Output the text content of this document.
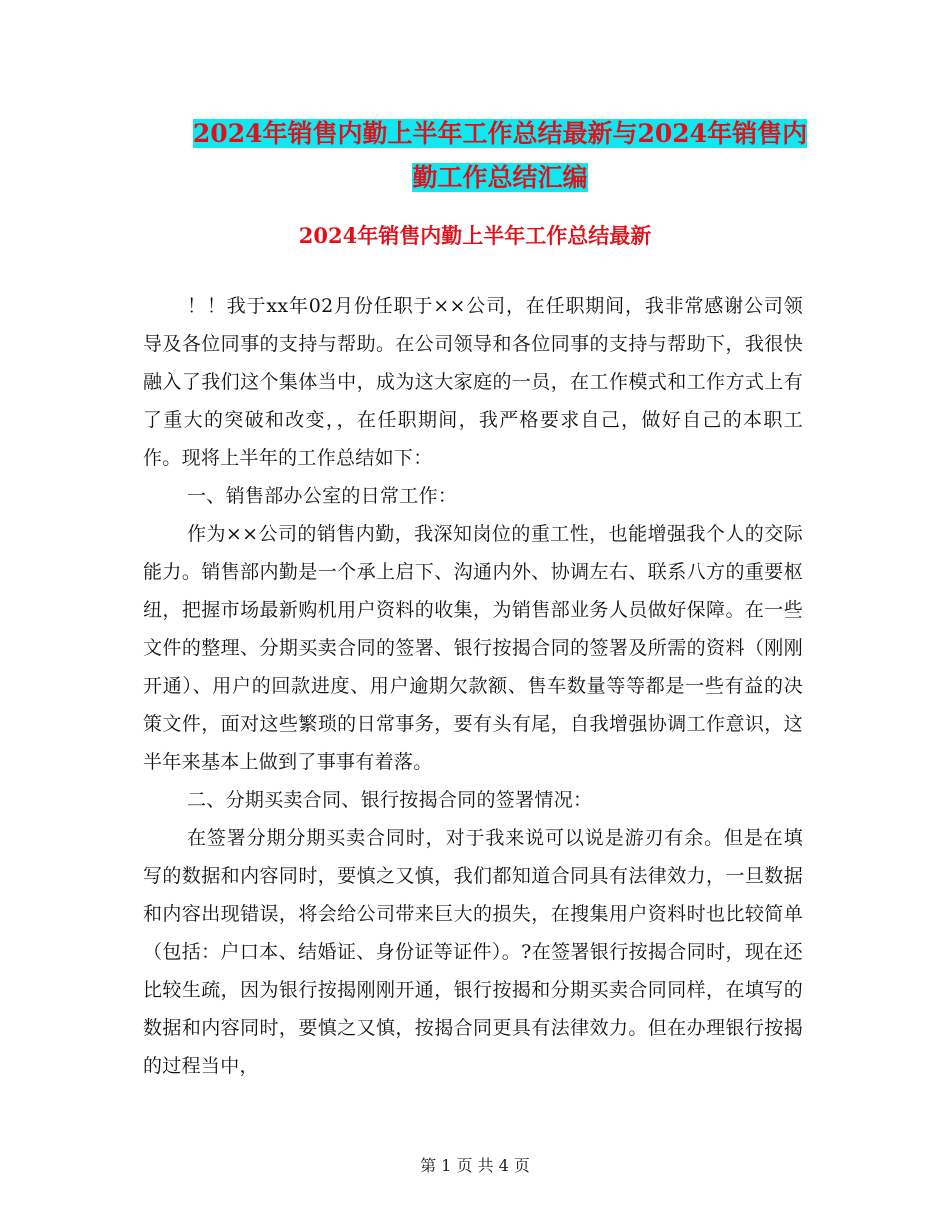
2024年销售内勤上半年工作总结最新与2024年销售内
勤工作总结汇编
2024年销售内勤上半年工作总结最新

！！我于xx年02月份任职于××公司，在任职期间，我非常感谢公司领导及各位同事的支持与帮助。在公司领导和各位同事的支持与帮助下，我很快融入了我们这个集体当中，成为这大家庭的一员，在工作模式和工作方式上有了重大的突破和改变，，在任职期间，我严格要求自己，做好自己的本职工作。现将上半年的工作总结如下：

一、销售部办公室的日常工作：

作为××公司的销售内勤，我深知岗位的重工性，也能增强我个人的交际能力。销售部内勤是一个承上启下、沟通内外、协调左右、联系八方的重要枢纽，把握市场最新购机用户资料的收集，为销售部业务人员做好保障。在一些文件的整理、分期买卖合同的签署、银行按揭合同的签署及所需的资料（刚刚开通）、用户的回款进度、用户逾期欠款额、售车数量等等都是一些有益的决策文件，面对这些繁琐的日常事务，要有头有尾，自我增强协调工作意识，这半年来基本上做到了事事有着落。

二、分期买卖合同、银行按揭合同的签署情况：

在签署分期分期买卖合同时，对于我来说可以说是游刃有余。但是在填写的数据和内容同时，要慎之又慎，我们都知道合同具有法律效力，一旦数据和内容出现错误，将会给公司带来巨大的损失，在搜集用户资料时也比较简单（包括：户口本、结婚证、身份证等证件）。?在签署银行按揭合同时，现在还比较生疏，因为银行按揭刚刚开通，银行按揭和分期买卖合同同样，在填写的数据和内容同时，要慎之又慎，按揭合同更具有法律效力。但在办理银行按揭的过程当中，

第 1 页 共 4 页
